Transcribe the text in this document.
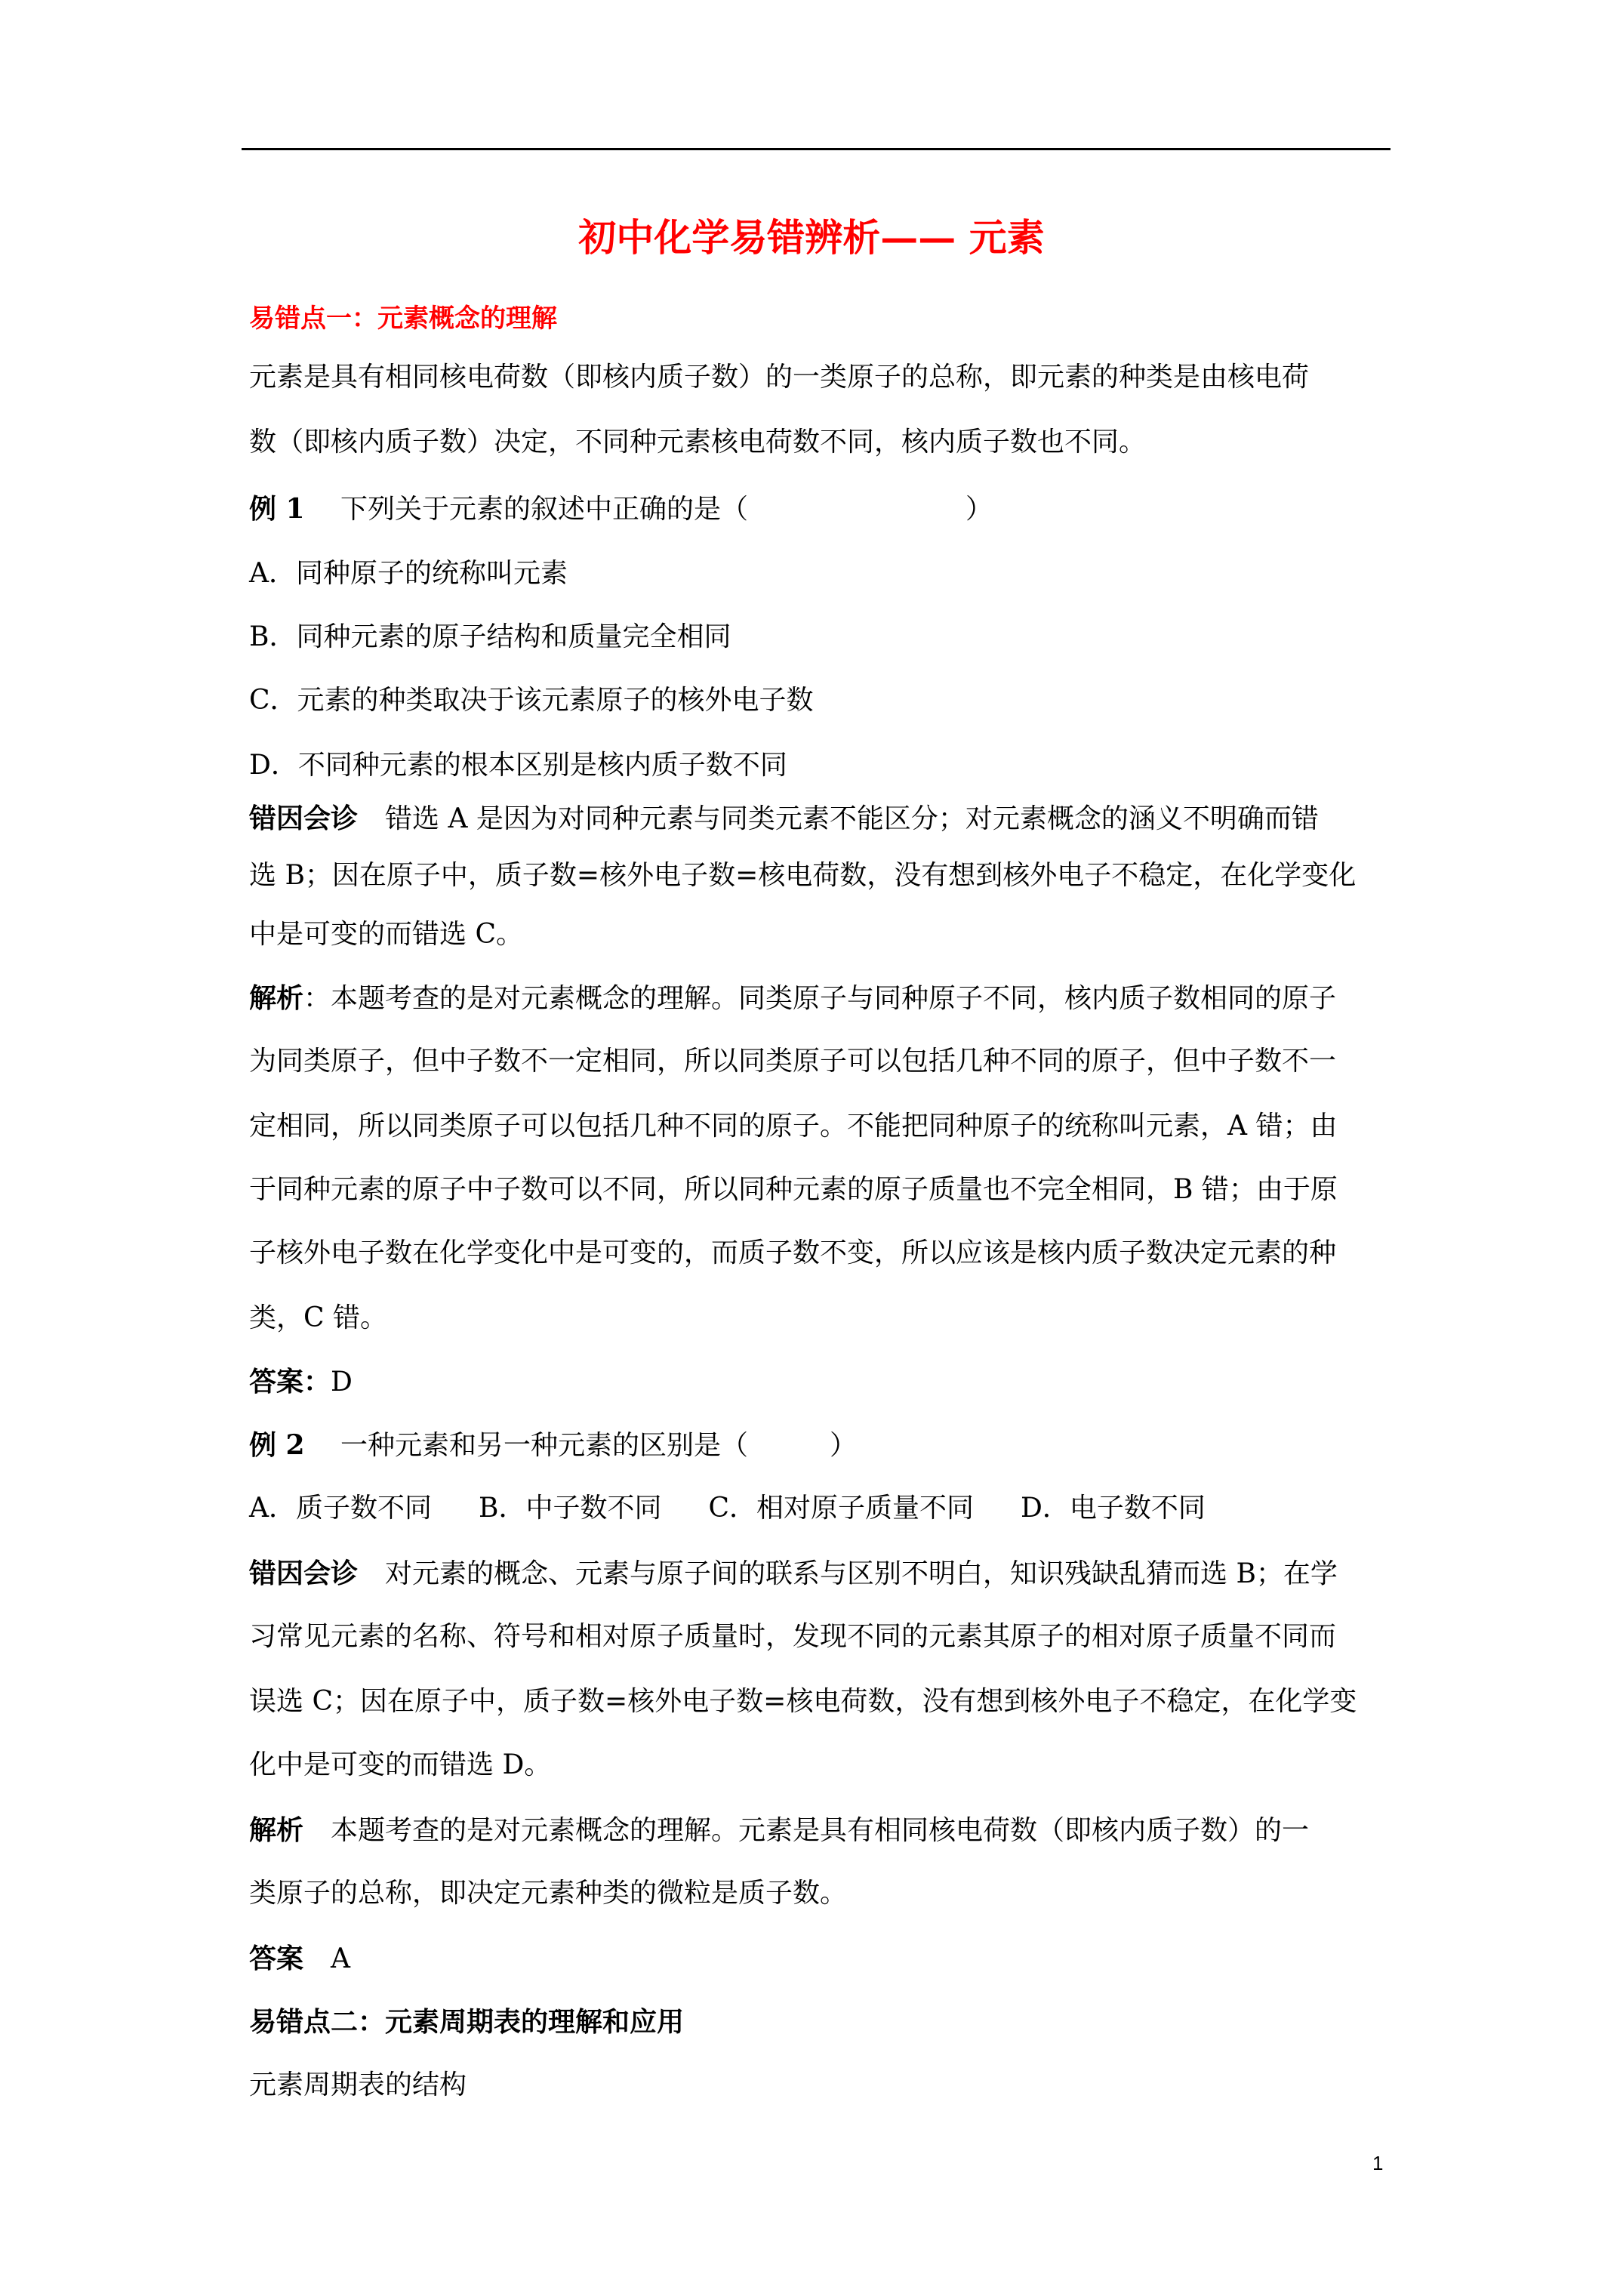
初中化学易错辨析—— 元素
易错点一：元素概念的理解
元素是具有相同核电荷数（即核内质子数）的一类原子的总称，即元素的种类是由核电荷
数（即核内质子数）决定，不同种元素核电荷数不同，核内质子数也不同。
例 1　 下列关于元素的叙述中正确的是（　　　　　　　　）
A．同种原子的统称叫元素
B．同种元素的原子结构和质量完全相同
C．元素的种类取决于该元素原子的核外电子数
D．不同种元素的根本区别是核内质子数不同
错因会诊　 错选 A 是因为对同种元素与同类元素不能区分；对元素概念的涵义不明确而错
选 B；因在原子中，质子数=核外电子数=核电荷数，没有想到核外电子不稳定，在化学变化
中是可变的而错选 C。
解析：本题考查的是对元素概念的理解。同类原子与同种原子不同，核内质子数相同的原子
为同类原子，但中子数不一定相同，所以同类原子可以包括几种不同的原子，但中子数不一
定相同，所以同类原子可以包括几种不同的原子。不能把同种原子的统称叫元素，A 错；由
于同种元素的原子中子数可以不同，所以同种元素的原子质量也不完全相同，B 错；由于原
子核外电子数在化学变化中是可变的，而质子数不变，所以应该是核内质子数决定元素的种
类，C 错。
答案：D
例 2　 一种元素和另一种元素的区别是（　　　）
A．质子数不同 B．中子数不同 C．相对原子质量不同 D．电子数不同
错因会诊　 对元素的概念、元素与原子间的联系与区别不明白，知识残缺乱猜而选 B；在学
习常见元素的名称、符号和相对原子质量时，发现不同的元素其原子的相对原子质量不同而
误选 C；因在原子中，质子数=核外电子数=核电荷数，没有想到核外电子不稳定，在化学变
化中是可变的而错选 D。
解析　 本题考查的是对元素概念的理解。元素是具有相同核电荷数（即核内质子数）的一
类原子的总称，即决定元素种类的微粒是质子数。
答案　 A
易错点二：元素周期表的理解和应用
元素周期表的结构
1
